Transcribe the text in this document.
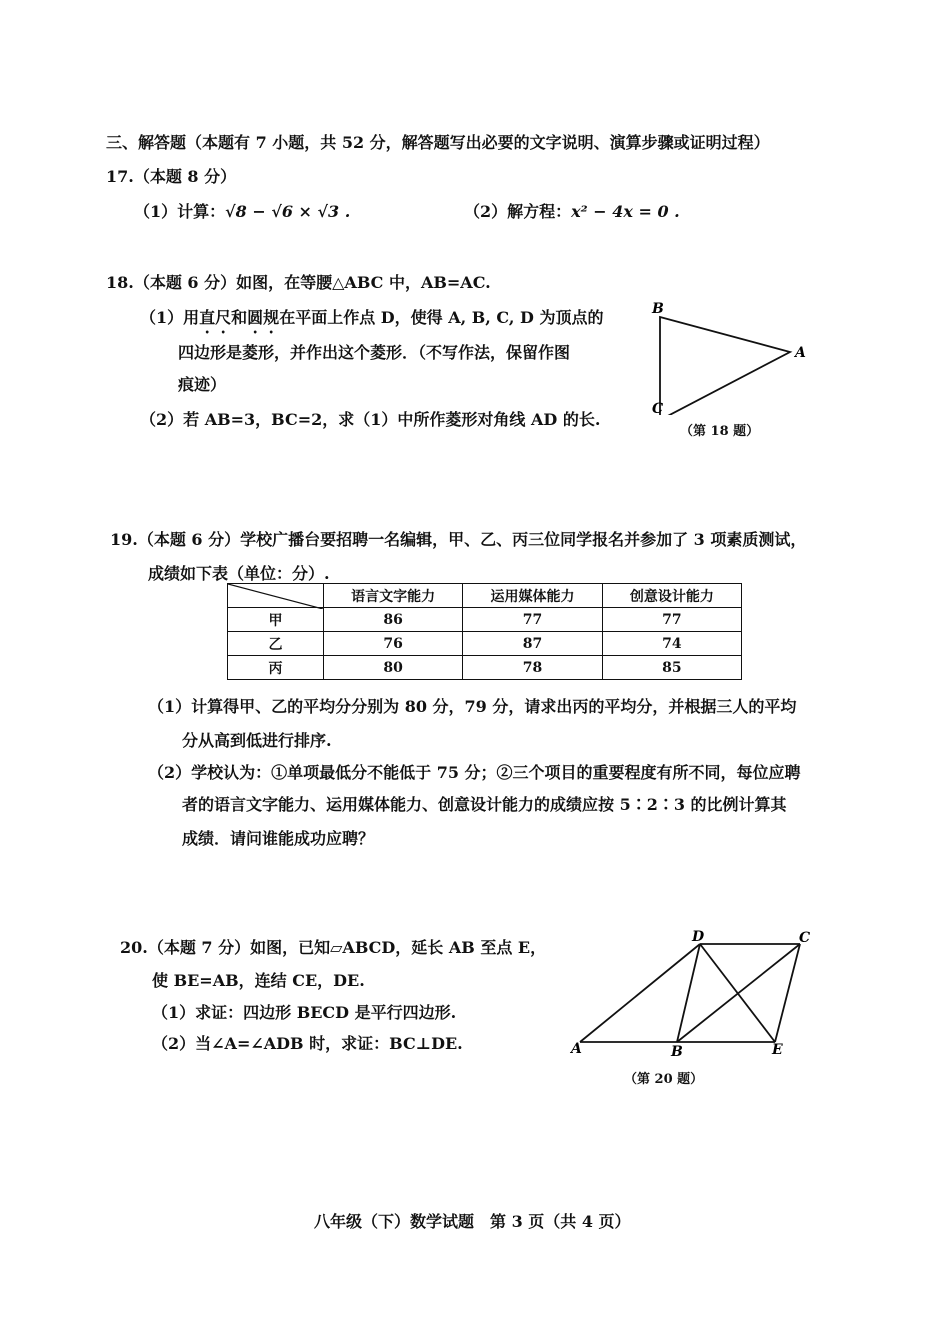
三、解答题（本题有 7 小题，共 52 分，解答题写出必要的文字说明、演算步骤或证明过程）
17.（本题 8 分）
（1）计算：√8 − √6 × √3 .	（2）解方程：x² − 4x = 0 .
18.（本题 6 分）如图，在等腰△ABC 中，AB=AC.
（1）用直尺和圆规在平面上作点 D，使得 A, B, C, D 为顶点的
四边形是菱形，并作出这个菱形．（不写作法，保留作图
痕迹）
（2）若 AB=3，BC=2，求（1）中所作菱形对角线 AD 的长.
B
A
C
（第 18 题）
19.（本题 6 分）学校广播台要招聘一名编辑，甲、乙、丙三位同学报名并参加了 3 项素质测试，
成绩如下表（单位：分）.
	语言文字能力	运用媒体能力	创意设计能力
甲	86	77	77
乙	76	87	74
丙	80	78	85
（1）计算得甲、乙的平均分分别为 80 分，79 分，请求出丙的平均分，并根据三人的平均
分从高到低进行排序.
（2）学校认为：①单项最低分不能低于 75 分；②三个项目的重要程度有所不同，每位应聘
者的语言文字能力、运用媒体能力、创意设计能力的成绩应按 5∶2∶3 的比例计算其
成绩．请问谁能成功应聘？
20.（本题 7 分）如图，已知▱ABCD，延长 AB 至点 E，
使 BE=AB，连结 CE，DE.
（1）求证：四边形 BECD 是平行四边形.
（2）当∠A=∠ADB 时，求证：BC⊥DE.
D	C
A	B	E
（第 20 题）
八年级（下）数学试题　第 3 页（共 4 页）
